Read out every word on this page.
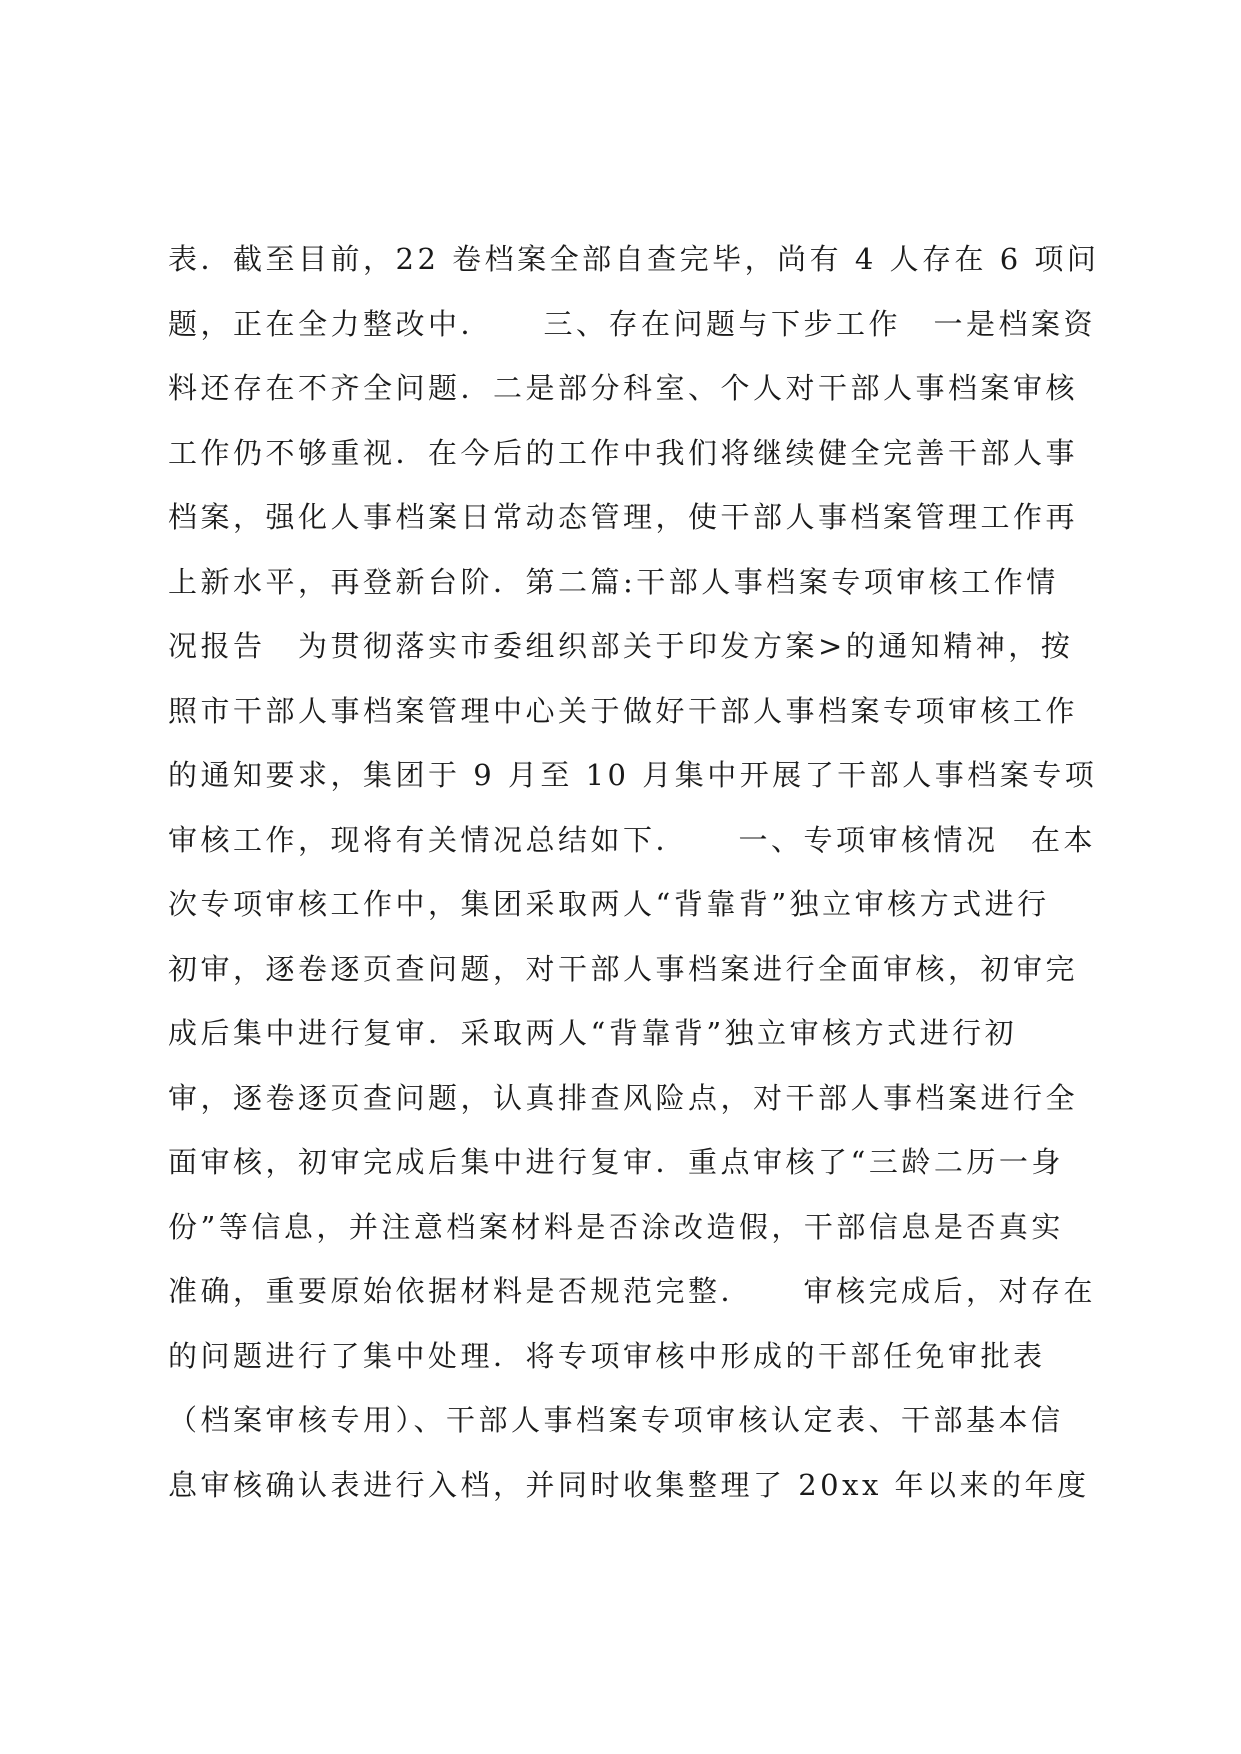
表．截至目前，22 卷档案全部自查完毕，尚有 4 人存在 6 项问
题，正在全力整改中．　　三、存在问题与下步工作　一是档案资
料还存在不齐全问题．二是部分科室、个人对干部人事档案审核
工作仍不够重视．在今后的工作中我们将继续健全完善干部人事
档案，强化人事档案日常动态管理，使干部人事档案管理工作再
上新水平，再登新台阶．第二篇:干部人事档案专项审核工作情
况报告　为贯彻落实市委组织部关于印发方案>的通知精神，按
照市干部人事档案管理中心关于做好干部人事档案专项审核工作
的通知要求，集团于 9 月至 10 月集中开展了干部人事档案专项
审核工作，现将有关情况总结如下．　　一、专项审核情况　在本
次专项审核工作中，集团采取两人“背靠背”独立审核方式进行
初审，逐卷逐页查问题，对干部人事档案进行全面审核，初审完
成后集中进行复审．采取两人“背靠背”独立审核方式进行初
审，逐卷逐页查问题，认真排查风险点，对干部人事档案进行全
面审核，初审完成后集中进行复审．重点审核了“三龄二历一身
份”等信息，并注意档案材料是否涂改造假，干部信息是否真实
准确，重要原始依据材料是否规范完整．　　审核完成后，对存在
的问题进行了集中处理．将专项审核中形成的干部任免审批表
（档案审核专用）、干部人事档案专项审核认定表、干部基本信
息审核确认表进行入档，并同时收集整理了 20xx 年以来的年度
